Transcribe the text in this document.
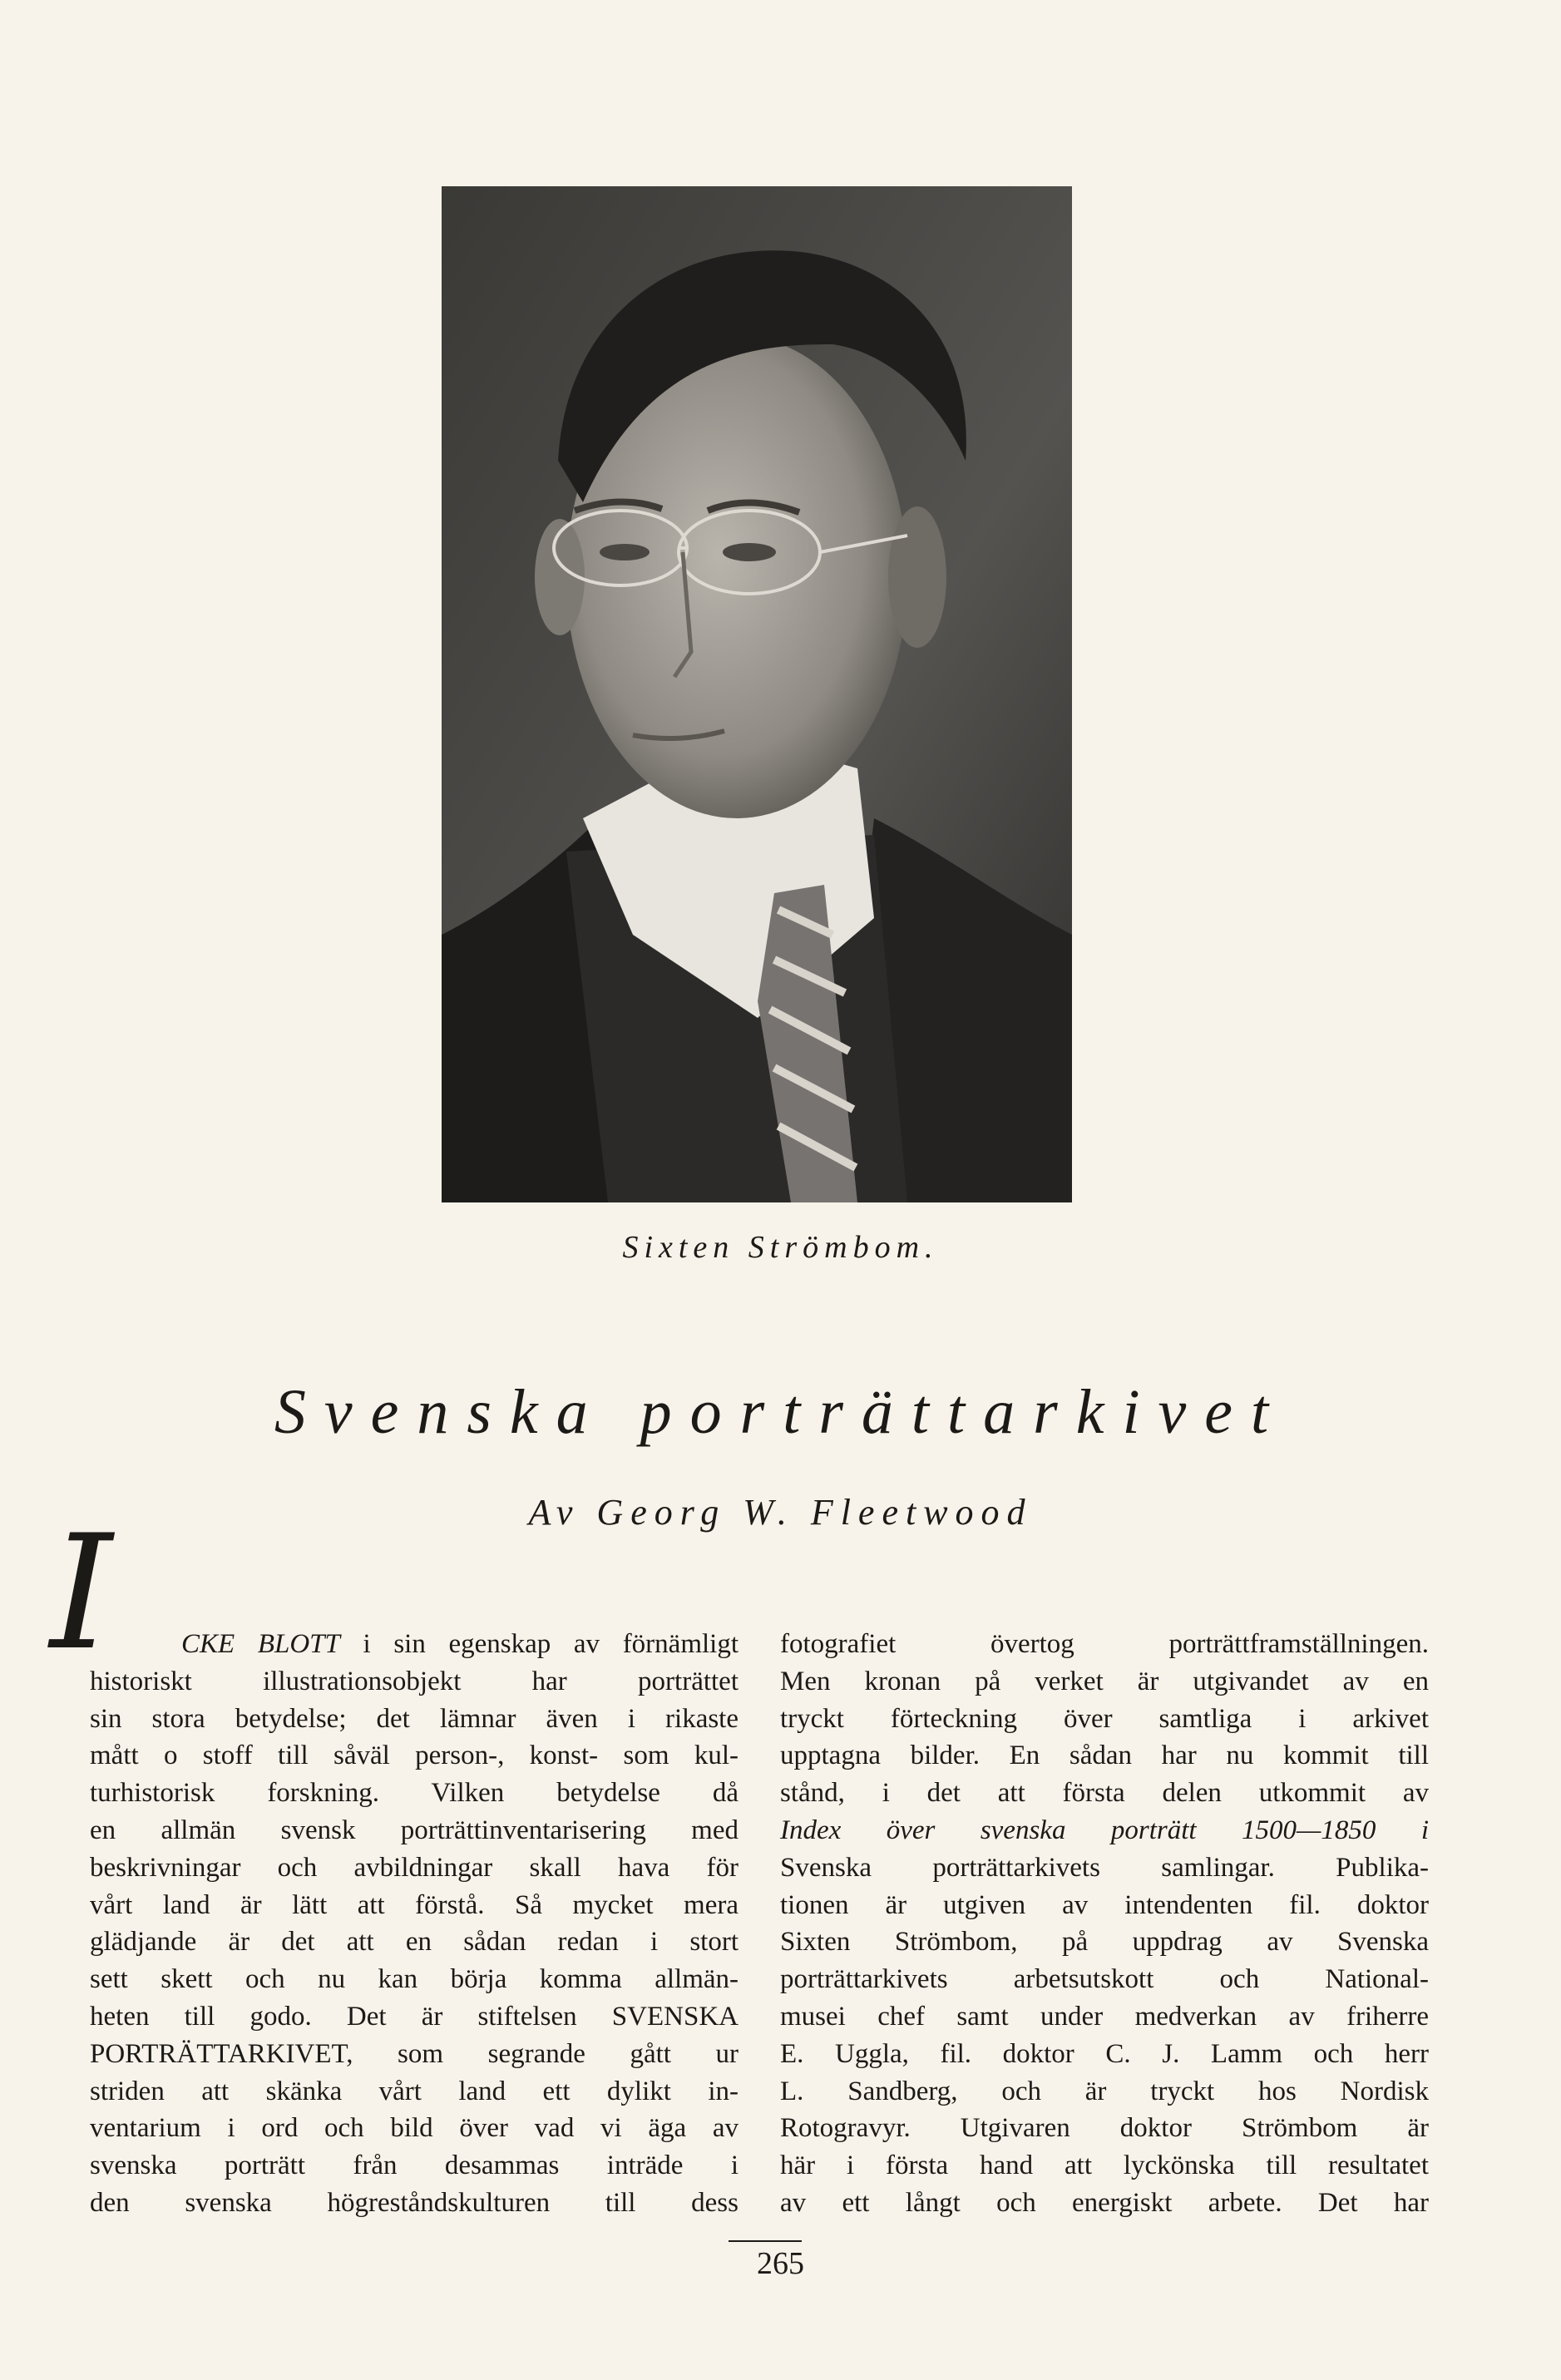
Sixten Strömbom.
Svenska porträttarkivet
Av Georg W. Fleetwood
I	CKE BLOTT i sin egenskap av förnämligt
historiskt illustrationsobjekt har porträttet
sin stora betydelse; det lämnar även i rikaste
mått o stoff till såväl person-, konst- som kul-
turhistorisk forskning. Vilken betydelse då
en allmän svensk porträttinventarisering med
beskrivningar och avbildningar skall hava för
vårt land är lätt att förstå. Så mycket mera
glädjande är det att en sådan redan i stort
sett skett och nu kan börja komma allmän-
heten till godo. Det är stiftelsen SVENSKA
PORTRÄTTARKIVET, som segrande gått ur
striden att skänka vårt land ett dylikt in-
ventarium i ord och bild över vad vi äga av
svenska porträtt från desammas inträde i
den svenska högreståndskulturen till dess
fotografiet övertog porträttframställningen.
Men kronan på verket är utgivandet av en
tryckt förteckning över samtliga i arkivet
upptagna bilder. En sådan har nu kommit till
stånd, i det att första delen utkommit av
Index över svenska porträtt 1500—1850 i
Svenska porträttarkivets samlingar. Publika-
tionen är utgiven av intendenten fil. doktor
Sixten Strömbom, på uppdrag av Svenska
porträttarkivets arbetsutskott och National-
musei chef samt under medverkan av friherre
E. Uggla, fil. doktor C. J. Lamm och herr
L. Sandberg, och är tryckt hos Nordisk
Rotogravyr. Utgivaren doktor Strömbom är
här i första hand att lyckönska till resultatet
av ett långt och energiskt arbete. Det har
265
